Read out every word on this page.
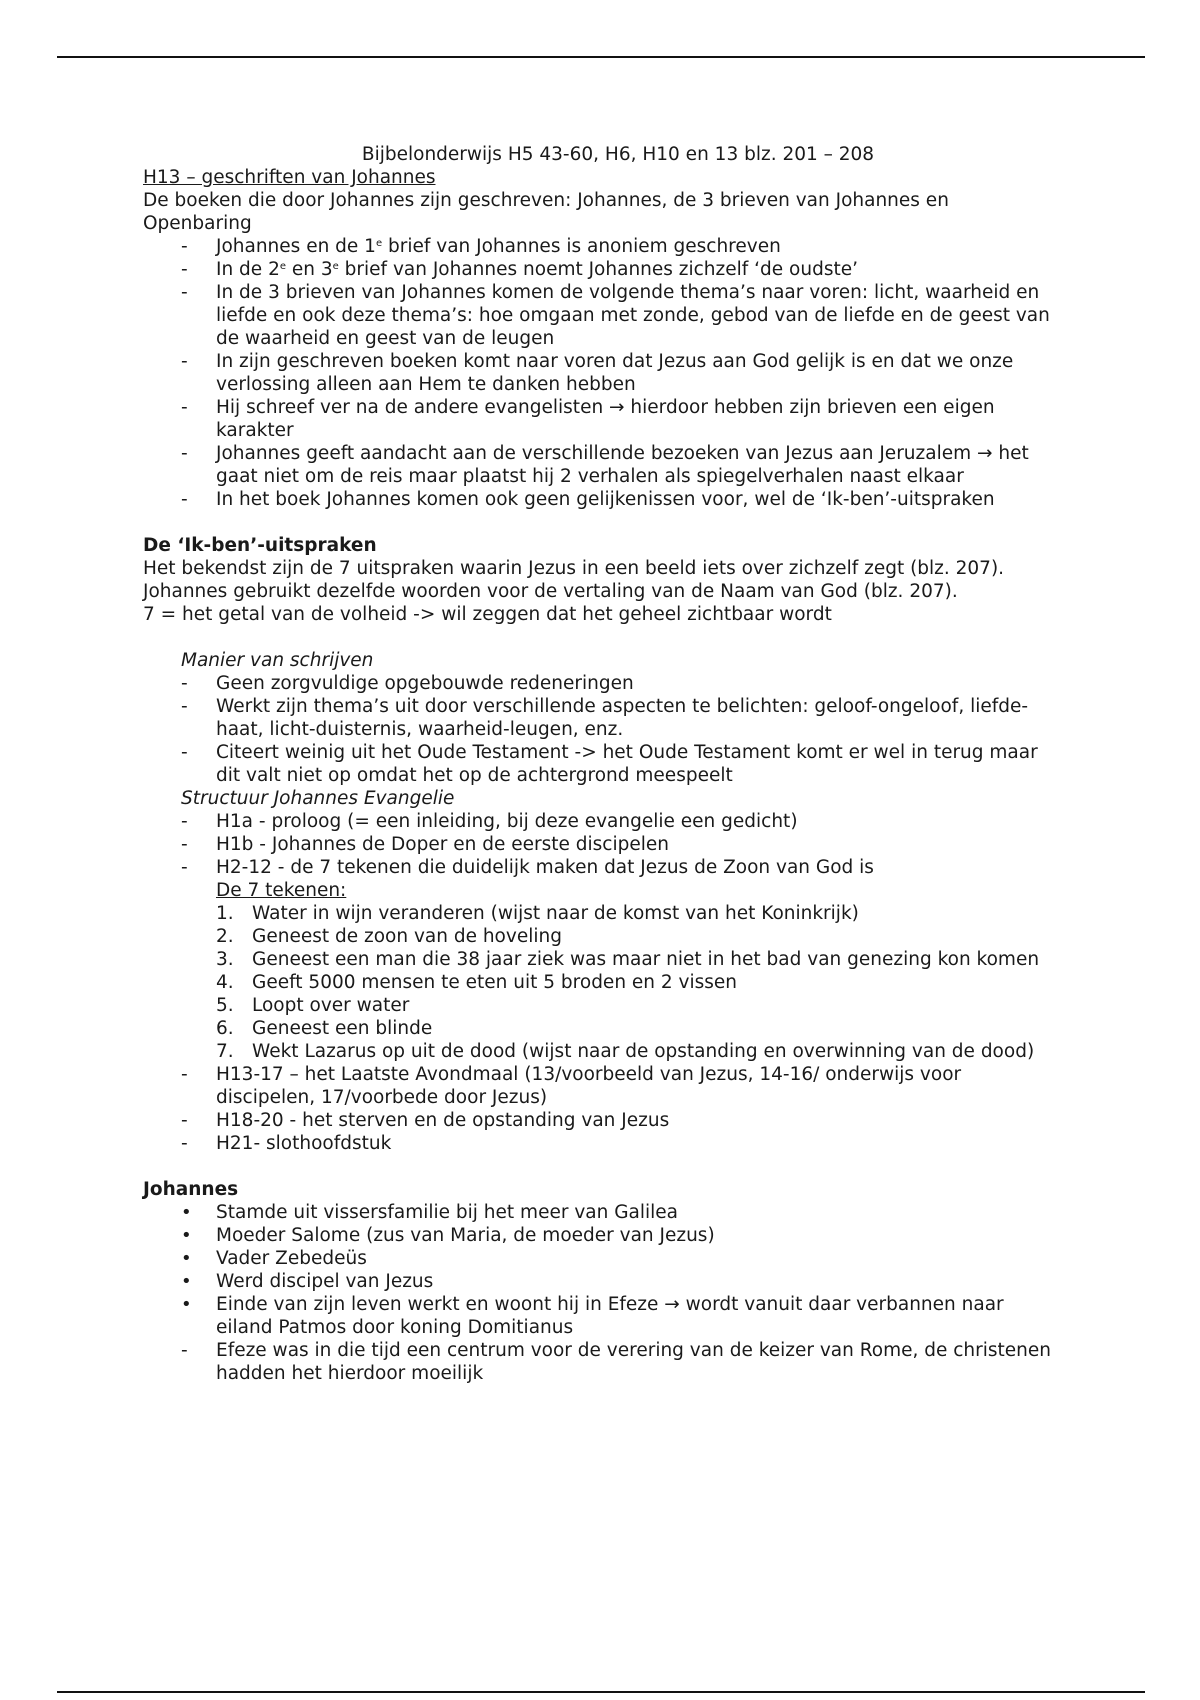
Bijbelonderwijs H5 43-60, H6, H10 en 13 blz. 201 – 208

H13 – geschriften van Johannes

De boeken die door Johannes zijn geschreven: Johannes, de 3 brieven van Johannes en Openbaring

- Johannes en de 1e brief van Johannes is anoniem geschreven
- In de 2e en 3e brief van Johannes noemt Johannes zichzelf ‘de oudste’
- In de 3 brieven van Johannes komen de volgende thema’s naar voren: licht, waarheid en liefde en ook deze thema’s: hoe omgaan met zonde, gebod van de liefde en de geest van de waarheid en geest van de leugen
- In zijn geschreven boeken komt naar voren dat Jezus aan God gelijk is en dat we onze verlossing alleen aan Hem te danken hebben
- Hij schreef ver na de andere evangelisten → hierdoor hebben zijn brieven een eigen karakter
- Johannes geeft aandacht aan de verschillende bezoeken van Jezus aan Jeruzalem → het gaat niet om de reis maar plaatst hij 2 verhalen als spiegelverhalen naast elkaar
- In het boek Johannes komen ook geen gelijkenissen voor, wel de ‘Ik-ben’-uitspraken

De ‘Ik-ben’-uitspraken

Het bekendst zijn de 7 uitspraken waarin Jezus in een beeld iets over zichzelf zegt (blz. 207). Johannes gebruikt dezelfde woorden voor de vertaling van de Naam van God (blz. 207).

7 = het getal van de volheid -> wil zeggen dat het geheel zichtbaar wordt

Manier van schrijven

- Geen zorgvuldige opgebouwde redeneringen
- Werkt zijn thema’s uit door verschillende aspecten te belichten: geloof-ongeloof, liefde-haat, licht-duisternis, waarheid-leugen, enz.
- Citeert weinig uit het Oude Testament -> het Oude Testament komt er wel in terug maar dit valt niet op omdat het op de achtergrond meespeelt

Structuur Johannes Evangelie

- H1a - proloog (= een inleiding, bij deze evangelie een gedicht)
- H1b - Johannes de Doper en de eerste discipelen
- H2-12 - de 7 tekenen die duidelijk maken dat Jezus de Zoon van God is

De 7 tekenen:

1. Water in wijn veranderen (wijst naar de komst van het Koninkrijk)
2. Geneest de zoon van de hoveling
3. Geneest een man die 38 jaar ziek was maar niet in het bad van genezing kon komen
4. Geeft 5000 mensen te eten uit 5 broden en 2 vissen
5. Loopt over water
6. Geneest een blinde
7. Wekt Lazarus op uit de dood (wijst naar de opstanding en overwinning van de dood)
- H13-17 – het Laatste Avondmaal (13/voorbeeld van Jezus, 14-16/ onderwijs voor discipelen, 17/voorbede door Jezus)
- H18-20 - het sterven en de opstanding van Jezus
- H21- slothoofdstuk

Johannes

• Stamde uit vissersfamilie bij het meer van Galilea
• Moeder Salome (zus van Maria, de moeder van Jezus)
• Vader Zebedeüs
• Werd discipel van Jezus
• Einde van zijn leven werkt en woont hij in Efeze → wordt vanuit daar verbannen naar eiland Patmos door koning Domitianus
- Efeze was in die tijd een centrum voor de verering van de keizer van Rome, de christenen hadden het hierdoor moeilijk
